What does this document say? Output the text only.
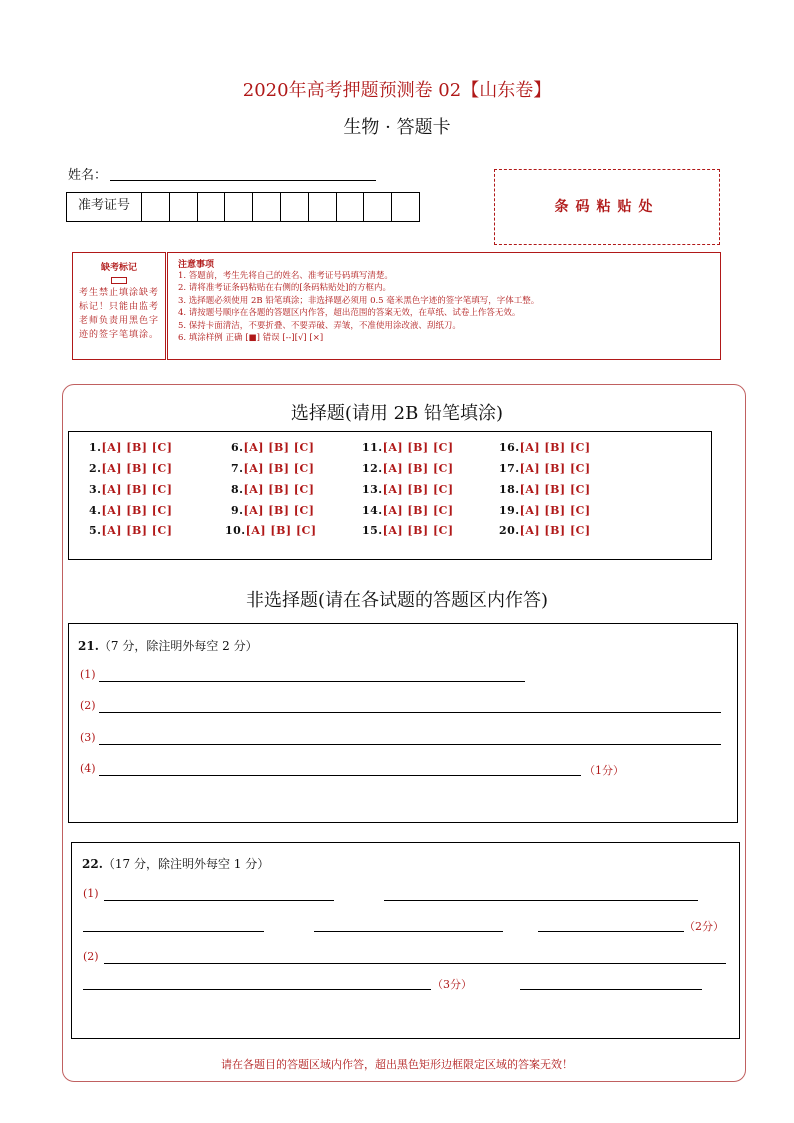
2020年高考押题预测卷 02【山东卷】
生物 · 答题卡
姓名：
准考证号	条码粘贴处
缺考标记
考生禁止填涂缺考标记！只能由监考老师负责用黑色字迹的签字笔填涂。
注意事项
1. 答题前，考生先将自己的姓名、准考证号码填写清楚。
2. 请将准考证条码粘贴在右侧的[条码粘贴处]的方框内。
3. 选择题必须使用 2B 铅笔填涂；非选择题必须用 0.5 毫米黑色字迹的签字笔填写，字体工整。
4. 请按题号顺序在各题的答题区内作答，超出范围的答案无效，在草纸、试卷上作答无效。
5. 保持卡面清洁，不要折叠、不要弄破、弄皱，不准使用涂改液、刮纸刀。
6. 填涂样例 正确 [■] 错误 [--][√] [×]
选择题(请用 2B 铅笔填涂)
1.[A] [B] [C]
2.[A] [B] [C]
3.[A] [B] [C]
4.[A] [B] [C]
5.[A] [B] [C]
6.[A] [B] [C]
7.[A] [B] [C]
8.[A] [B] [C]
9.[A] [B] [C]
10.[A] [B] [C]
11.[A] [B] [C]
12.[A] [B] [C]
13.[A] [B] [C]
14.[A] [B] [C]
15.[A] [B] [C]
16.[A] [B] [C]
17.[A] [B] [C]
18.[A] [B] [C]
19.[A] [B] [C]
20.[A] [B] [C]
非选择题(请在各试题的答题区内作答)
21.（7 分，除注明外每空 2 分）
(1)
(2)
(3)
(4)	（1分）
22.（17 分，除注明外每空 1 分）
(1)
（2分）
(2)
（3分）
请在各题目的答题区域内作答，超出黑色矩形边框限定区域的答案无效！
